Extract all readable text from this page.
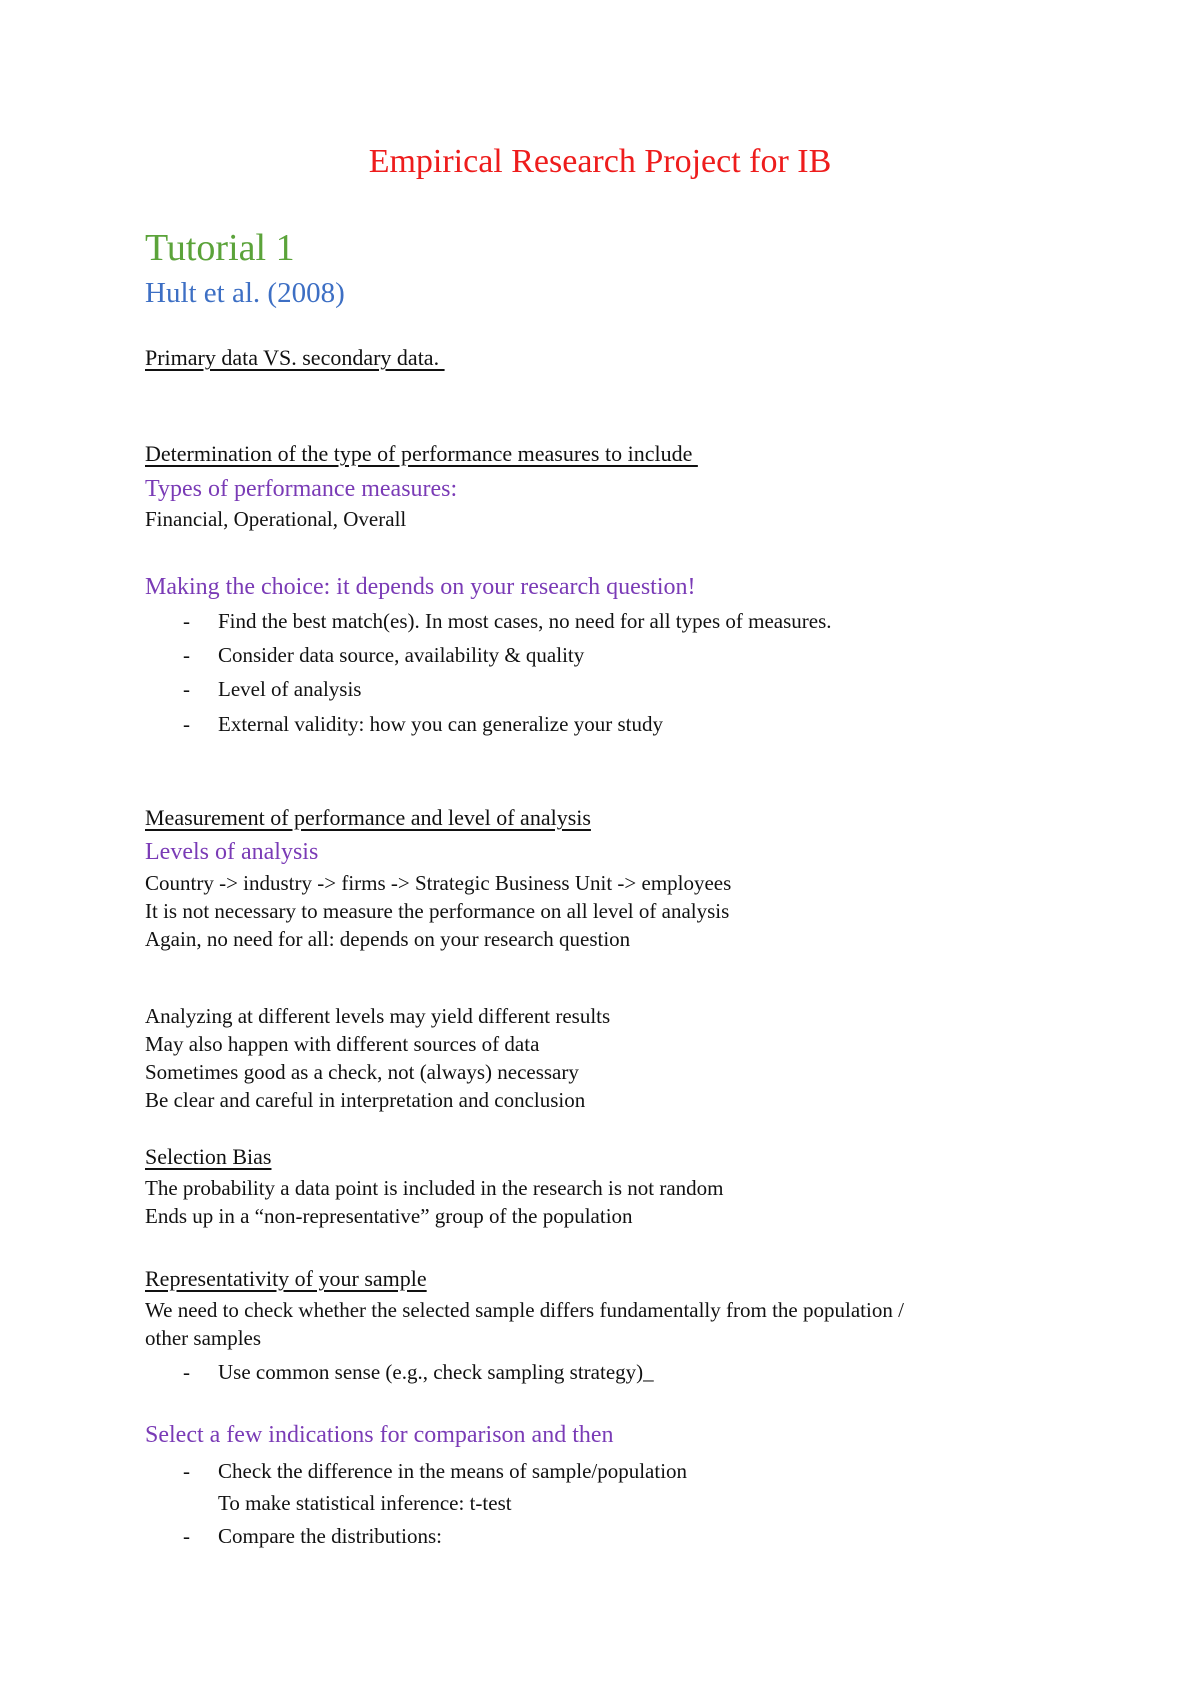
Empirical Research Project for IB
Tutorial 1
Hult et al. (2008)

Primary data VS. secondary data.

Determination of the type of performance measures to include

Types of performance measures:

Financial, Operational, Overall

Making the choice: it depends on your research question!

- Find the best match(es). In most cases, no need for all types of measures.
- Consider data source, availability & quality
- Level of analysis
- External validity: how you can generalize your study

Measurement of performance and level of analysis

Levels of analysis

Country -> industry -> firms -> Strategic Business Unit -> employees

It is not necessary to measure the performance on all level of analysis

Again, no need for all: depends on your research question

Analyzing at different levels may yield different results

May also happen with different sources of data

Sometimes good as a check, not (always) necessary

Be clear and careful in interpretation and conclusion

Selection Bias

The probability a data point is included in the research is not random

Ends up in a “non-representative” group of the population

Representativity of your sample

We need to check whether the selected sample differs fundamentally from the population /

other samples

- Use common sense (e.g., check sampling strategy)_

Select a few indications for comparison and then

- Check the difference in the means of sample/population

To make statistical inference: t-test

- Compare the distributions:
